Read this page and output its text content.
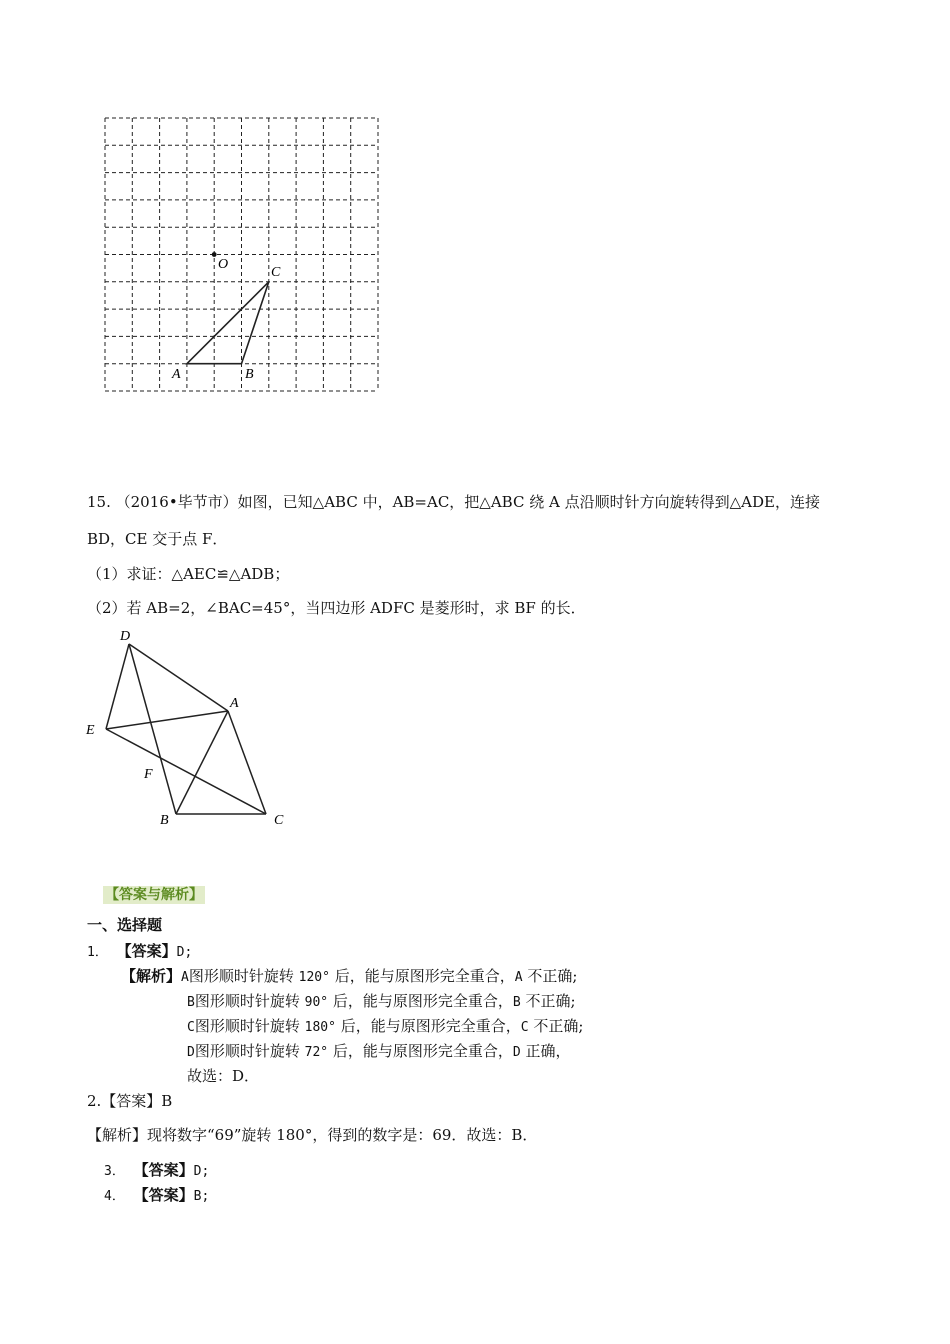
O
C
A	B
15. （2016•毕节市）如图，已知△ABC 中，AB=AC，把△ABC 绕 A 点沿顺时针方向旋转得到△ADE，连接
BD，CE 交于点 F．
（1）求证：△AEC≌△ADB；
（2）若 AB=2，∠BAC=45°，当四边形 ADFC 是菱形时，求 BF 的长．
D
A
E
F
B	C
【答案与解析】
一、选择题
1． 【答案】D;
【解析】A图形顺时针旋转 120° 后，能与原图形完全重合，A 不正确;
B图形顺时针旋转 90° 后，能与原图形完全重合，B 不正确;
C图形顺时针旋转 180° 后，能与原图形完全重合，C 不正确;
D图形顺时针旋转 72° 后，能与原图形完全重合，D 正确，
故选：D．
2.【答案】B
【解析】现将数字“69”旋转 180°，得到的数字是：69．故选：B．
3． 【答案】D;
4． 【答案】B;
